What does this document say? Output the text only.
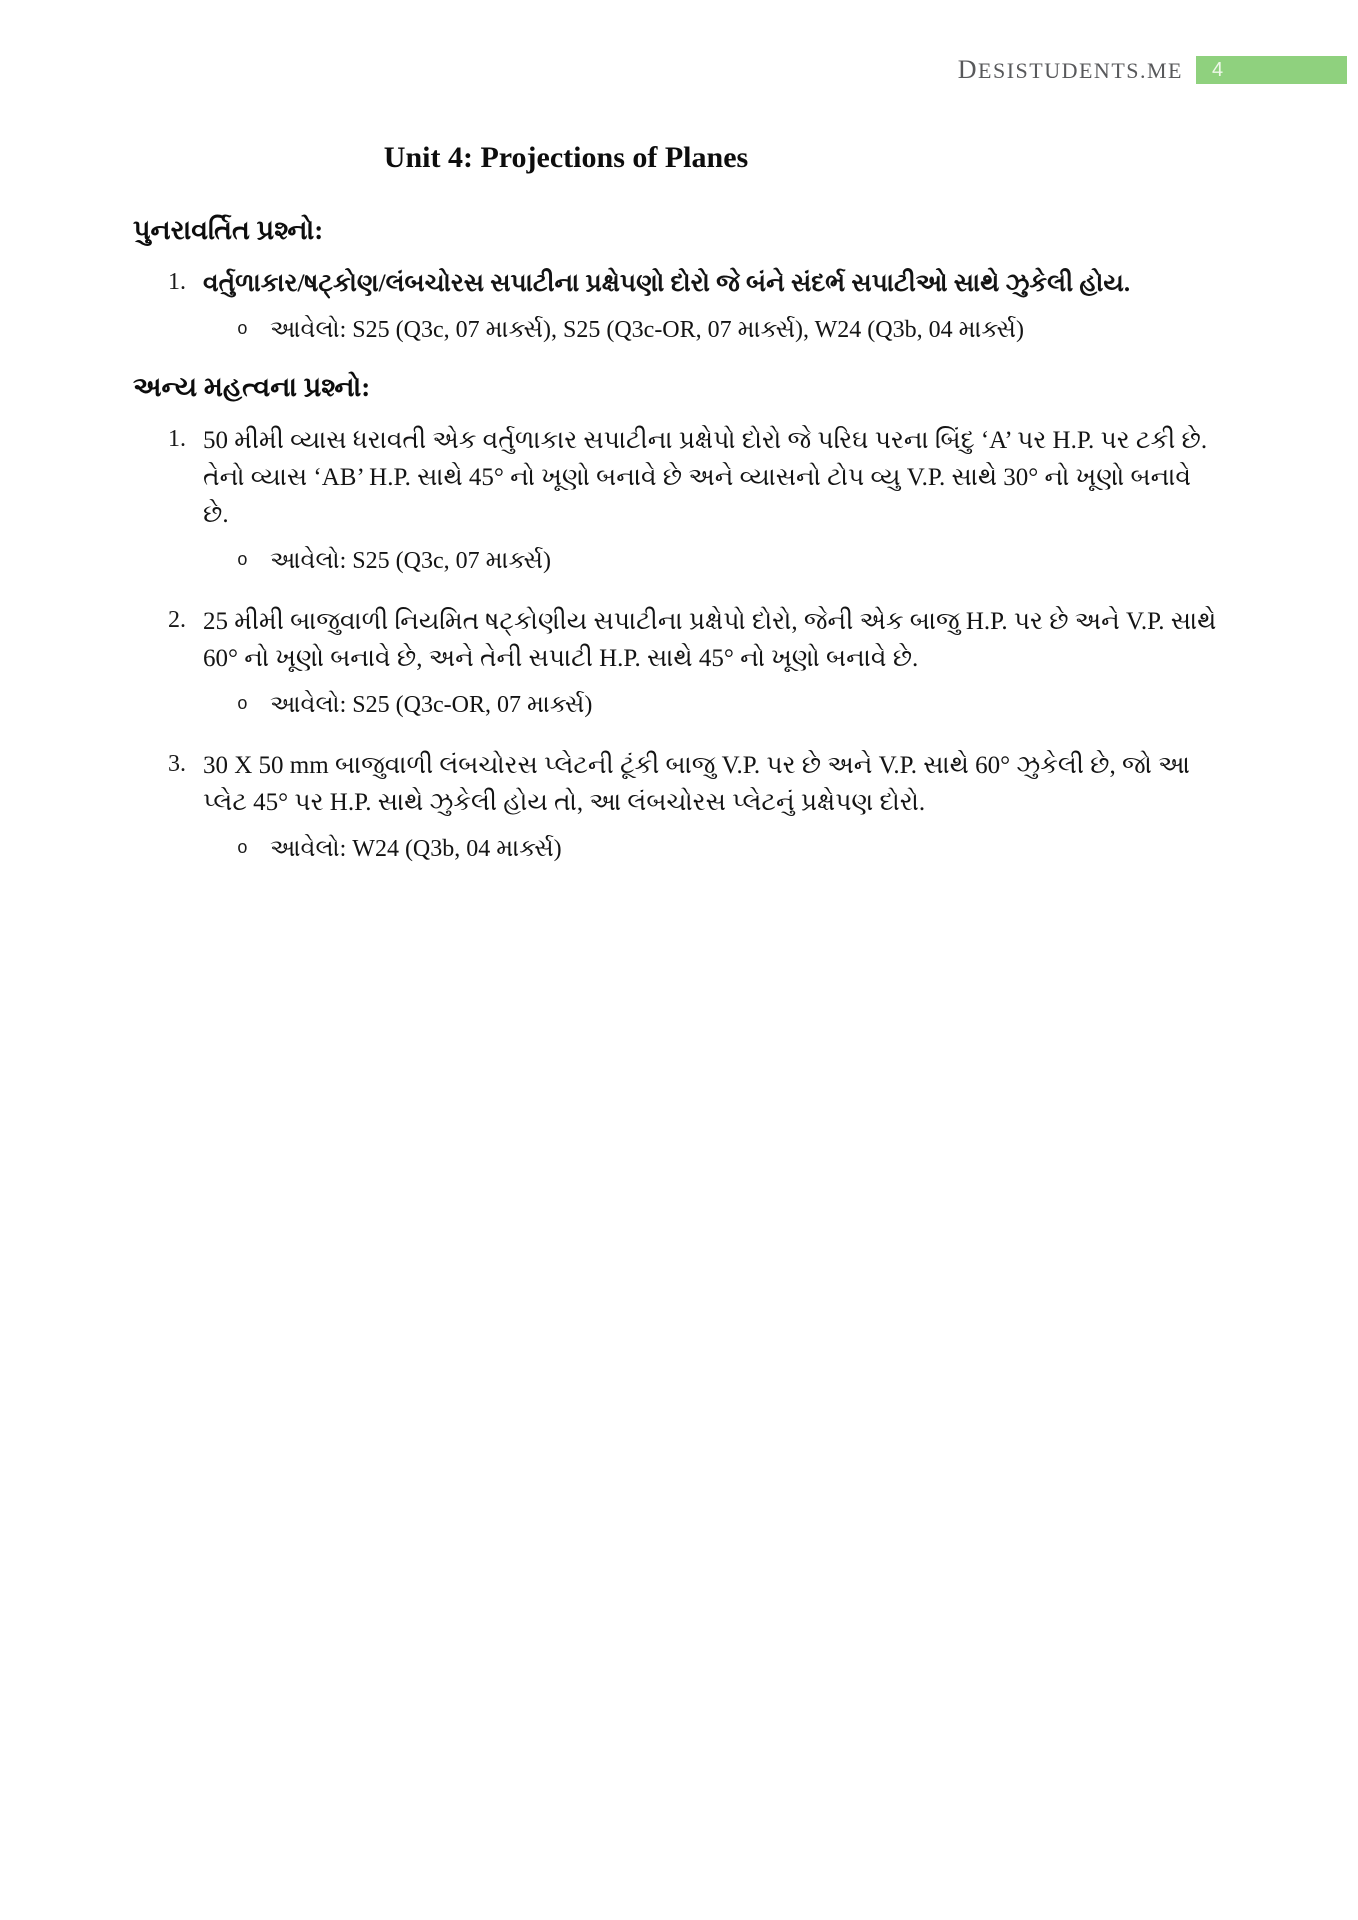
DESISTUDENTS.ME	4
Unit 4: Projections of Planes
પુનરાવર્તિત પ્રશ્નો:
1. વર્તુળાકાર/ષટ્કોણ/લંબચોરસ સપાટીના પ્રક્ષેપણો દોરો જે બંને સંદર્ભ સપાટીઓ સાથે ઝુકેલી હોય.
o આવેલો: S25 (Q3c, 07 માર્ક્સ), S25 (Q3c-OR, 07 માર્ક્સ), W24 (Q3b, 04 માર્ક્સ)
અન્ય મહત્વના પ્રશ્નો:
1. 50 મીમી વ્યાસ ધરાવતી એક વર્તુળાકાર સપાટીના પ્રક્ષેપો દોરો જે પરિઘ પરના બિંદુ ‘A’ પર H.P. પર ટકી છે. તેનો વ્યાસ ‘AB’ H.P. સાથે 45° નો ખૂણો બનાવે છે અને વ્યાસનો ટોપ વ્યુ V.P. સાથે 30° નો ખૂણો બનાવે છે.
o આવેલો: S25 (Q3c, 07 માર્ક્સ)
2. 25 મીમી બાજુવાળી નિયમિત ષટ્કોણીય સપાટીના પ્રક્ષેપો દોરો, જેની એક બાજુ H.P. પર છે અને V.P. સાથે 60° નો ખૂણો બનાવે છે, અને તેની સપાટી H.P. સાથે 45° નો ખૂણો બનાવે છે.
o આવેલો: S25 (Q3c-OR, 07 માર્ક્સ)
3. 30 X 50 mm બાજુવાળી લંબચોરસ પ્લેટની ટૂંકી બાજુ V.P. પર છે અને V.P. સાથે 60° ઝુકેલી છે, જો આ પ્લેટ 45° પર H.P. સાથે ઝુકેલી હોય તો, આ લંબચોરસ પ્લેટનું પ્રક્ષેપણ દોરો.
o આવેલો: W24 (Q3b, 04 માર્ક્સ)
